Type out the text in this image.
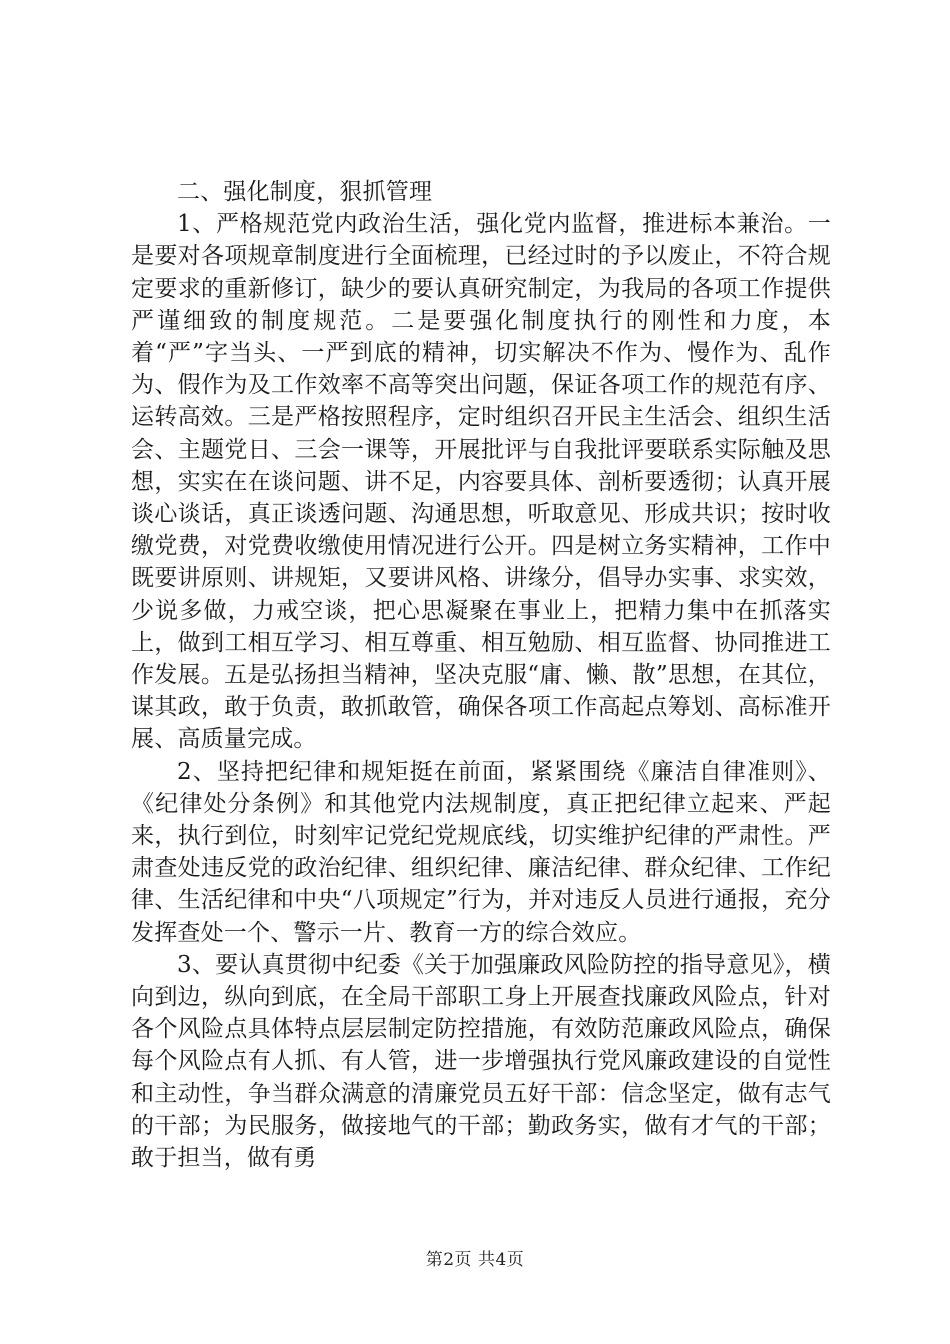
二、强化制度，狠抓管理

1、严格规范党内政治生活，强化党内监督，推进标本兼治。一是要对各项规章制度进行全面梳理，已经过时的予以废止，不符合规定要求的重新修订，缺少的要认真研究制定，为我局的各项工作提供严谨细致的制度规范。二是要强化制度执行的刚性和力度，本着“严”字当头、一严到底的精神，切实解决不作为、慢作为、乱作为、假作为及工作效率不高等突出问题，保证各项工作的规范有序、运转高效。三是严格按照程序，定时组织召开民主生活会、组织生活会、主题党日、三会一课等，开展批评与自我批评要联系实际触及思想，实实在在谈问题、讲不足，内容要具体、剖析要透彻；认真开展谈心谈话，真正谈透问题、沟通思想，听取意见、形成共识；按时收缴党费，对党费收缴使用情况进行公开。四是树立务实精神，工作中既要讲原则、讲规矩，又要讲风格、讲缘分，倡导办实事、求实效，少说多做，力戒空谈，把心思凝聚在事业上，把精力集中在抓落实上，做到工相互学习、相互尊重、相互勉励、相互监督、协同推进工作发展。五是弘扬担当精神，坚决克服“庸、懒、散”思想，在其位，谋其政，敢于负责，敢抓敢管，确保各项工作高起点筹划、高标准开展、高质量完成。

2、坚持把纪律和规矩挺在前面，紧紧围绕《廉洁自律准则》、《纪律处分条例》和其他党内法规制度，真正把纪律立起来、严起来，执行到位，时刻牢记党纪党规底线，切实维护纪律的严肃性。严肃查处违反党的政治纪律、组织纪律、廉洁纪律、群众纪律、工作纪律、生活纪律和中央“八项规定”行为，并对违反人员进行通报，充分发挥查处一个、警示一片、教育一方的综合效应。

3、要认真贯彻中纪委《关于加强廉政风险防控的指导意见》，横向到边，纵向到底，在全局干部职工身上开展查找廉政风险点，针对各个风险点具体特点层层制定防控措施，有效防范廉政风险点，确保每个风险点有人抓、有人管，进一步增强执行党风廉政建设的自觉性和主动性，争当群众满意的清廉党员五好干部：信念坚定，做有志气的干部；为民服务，做接地气的干部；勤政务实，做有才气的干部；敢于担当，做有勇

第2页 共4页
